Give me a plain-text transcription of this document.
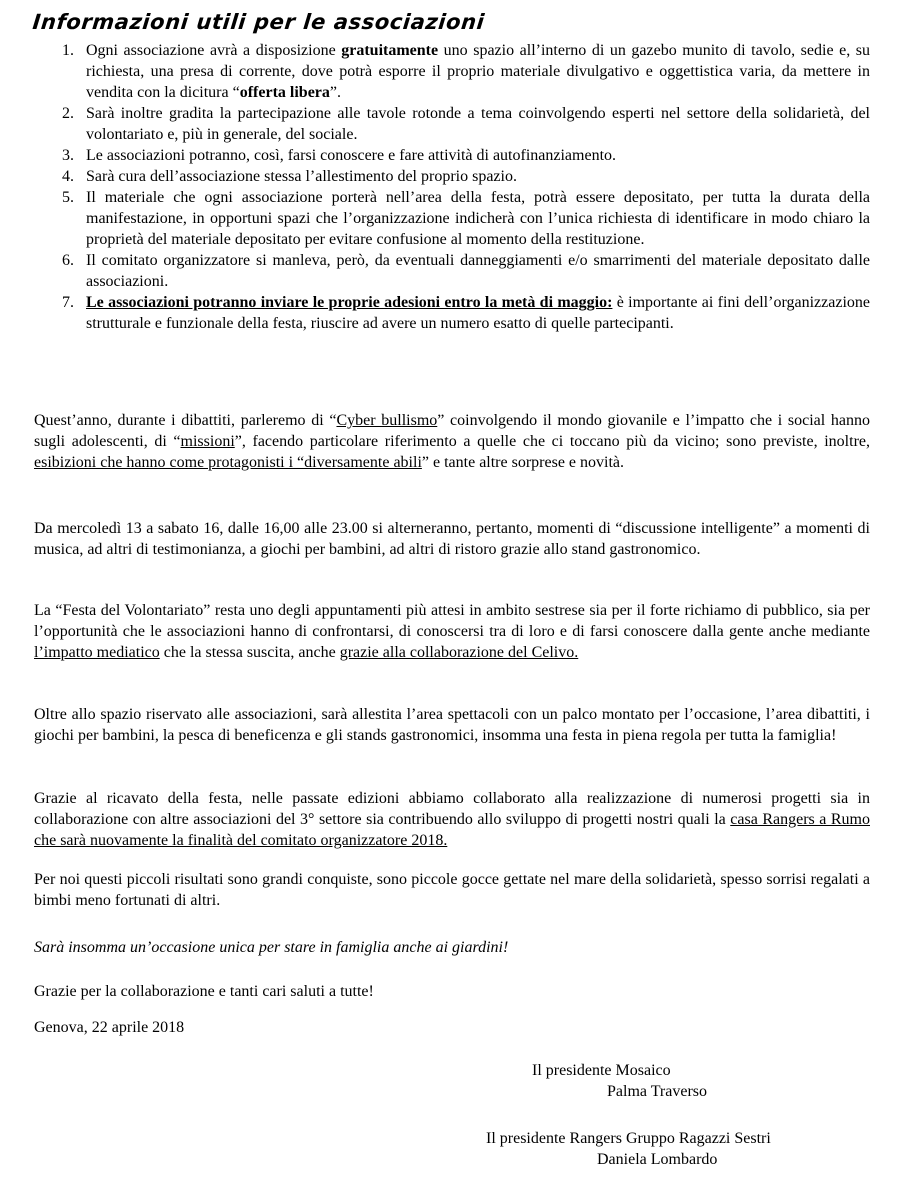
Informazioni utili per le associazioni
1. Ogni associazione avrà a disposizione gratuitamente uno spazio all’interno di un gazebo munito di tavolo, sedie e, su richiesta, una presa di corrente, dove potrà esporre il proprio materiale divulgativo e oggettistica varia, da mettere in vendita con la dicitura “offerta libera”.
2. Sarà inoltre gradita la partecipazione alle tavole rotonde a tema coinvolgendo esperti nel settore della solidarietà, del volontariato e, più in generale, del sociale.
3. Le associazioni potranno, così, farsi conoscere e fare attività di autofinanziamento.
4. Sarà cura dell’associazione stessa l’allestimento del proprio spazio.
5. Il materiale che ogni associazione porterà nell’area della festa, potrà essere depositato, per tutta la durata della manifestazione, in opportuni spazi che l’organizzazione indicherà con l’unica richiesta di identificare in modo chiaro la proprietà del materiale depositato per evitare confusione al momento della restituzione.
6. Il comitato organizzatore si manleva, però, da eventuali danneggiamenti e/o smarrimenti del materiale depositato dalle associazioni.
7. Le associazioni potranno inviare le proprie adesioni entro la metà di maggio: è importante ai fini dell’organizzazione strutturale e funzionale della festa, riuscire ad avere un numero esatto di quelle partecipanti.

Quest’anno, durante i dibattiti, parleremo di “Cyber bullismo” coinvolgendo il mondo giovanile e l’impatto che i social hanno sugli adolescenti, di “missioni”, facendo particolare riferimento a quelle che ci toccano più da vicino; sono previste, inoltre, esibizioni che hanno come protagonisti i “diversamente abili” e tante altre sorprese e novità.

Da mercoledì 13 a sabato 16, dalle 16,00 alle 23.00 si alterneranno, pertanto, momenti di “discussione intelligente” a momenti di musica, ad altri di testimonianza, a giochi per bambini, ad altri di ristoro grazie allo stand gastronomico.

La “Festa del Volontariato” resta uno degli appuntamenti più attesi in ambito sestrese sia per il forte richiamo di pubblico, sia per l’opportunità che le associazioni hanno di confrontarsi, di conoscersi tra di loro e di farsi conoscere dalla gente anche mediante l’impatto mediatico che la stessa suscita, anche grazie alla collaborazione del Celivo.

Oltre allo spazio riservato alle associazioni, sarà allestita l’area spettacoli con un palco montato per l’occasione, l’area dibattiti, i giochi per bambini, la pesca di beneficenza e gli stands gastronomici, insomma una festa in piena regola per tutta la famiglia!

Grazie al ricavato della festa, nelle passate edizioni abbiamo collaborato alla realizzazione di numerosi progetti sia in collaborazione con altre associazioni del 3° settore sia contribuendo allo sviluppo di progetti nostri quali la casa Rangers a Rumo che sarà nuovamente la finalità del comitato organizzatore 2018.

Per noi questi piccoli risultati sono grandi conquiste, sono piccole gocce gettate nel mare della solidarietà, spesso sorrisi regalati a bimbi meno fortunati di altri.

Sarà insomma un’occasione unica per stare in famiglia anche ai giardini!

Grazie per la collaborazione e tanti cari saluti a tutte!

Genova, 22 aprile 2018

Il presidente Mosaico

Palma Traverso

Il presidente Rangers Gruppo Ragazzi Sestri

Daniela Lombardo
